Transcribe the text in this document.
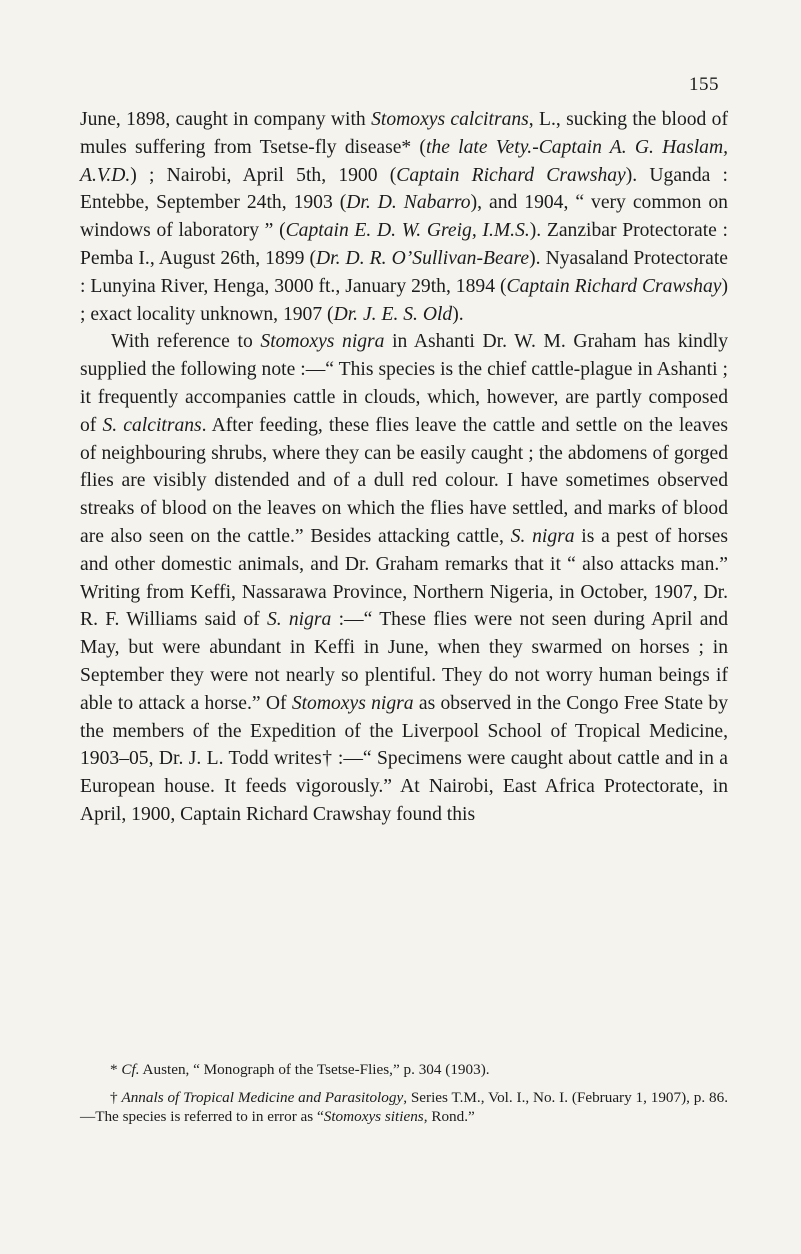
155

June, 1898, caught in company with Stomoxys calcitrans, L., sucking the blood of mules suffering from Tsetse-fly disease* (the late Vety.-Captain A. G. Haslam, A.V.D.) ; Nairobi, April 5th, 1900 (Captain Richard Crawshay). Uganda : Entebbe, September 24th, 1903 (Dr. D. Nabarro), and 1904, “ very common on windows of laboratory ” (Captain E. D. W. Greig, I.M.S.). Zanzibar Protectorate : Pemba I., August 26th, 1899 (Dr. D. R. O’Sullivan-Beare). Nyasaland Protectorate : Lunyina River, Henga, 3000 ft., January 29th, 1894 (Captain Richard Crawshay) ; exact locality unknown, 1907 (Dr. J. E. S. Old).

With reference to Stomoxys nigra in Ashanti Dr. W. M. Graham has kindly supplied the following note :—“ This species is the chief cattle-plague in Ashanti ; it frequently accompanies cattle in clouds, which, however, are partly composed of S. calcitrans. After feeding, these flies leave the cattle and settle on the leaves of neighbouring shrubs, where they can be easily caught ; the abdomens of gorged flies are visibly distended and of a dull red colour. I have sometimes observed streaks of blood on the leaves on which the flies have settled, and marks of blood are also seen on the cattle.” Besides attacking cattle, S. nigra is a pest of horses and other domestic animals, and Dr. Graham remarks that it “ also attacks man.” Writing from Keffi, Nassarawa Province, Northern Nigeria, in October, 1907, Dr. R. F. Williams said of S. nigra :—“ These flies were not seen during April and May, but were abundant in Keffi in June, when they swarmed on horses ; in September they were not nearly so plentiful. They do not worry human beings if able to attack a horse.” Of Stomoxys nigra as observed in the Congo Free State by the members of the Expedition of the Liverpool School of Tropical Medicine, 1903–05, Dr. J. L. Todd writes† :—“ Specimens were caught about cattle and in a European house. It feeds vigorously.” At Nairobi, East Africa Protectorate, in April, 1900, Captain Richard Crawshay found this

* Cf. Austen, “ Monograph of the Tsetse-Flies,” p. 304 (1903).

† Annals of Tropical Medicine and Parasitology, Series T.M., Vol. I., No. I. (February 1, 1907), p. 86.—The species is referred to in error as “Stomoxys sitiens, Rond.”
